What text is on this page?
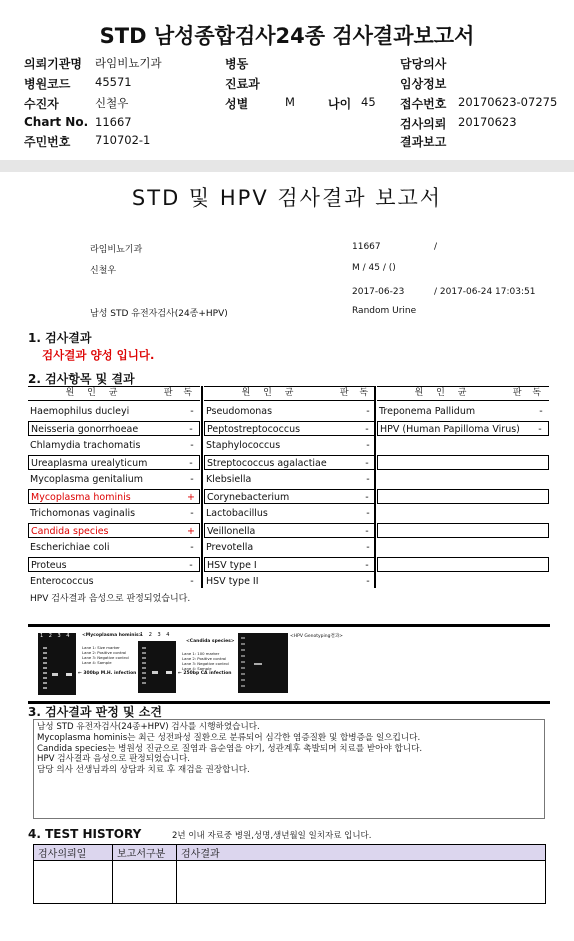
STD 남성종합검사24종 검사결과보고서
의뢰기관명 라임비뇨기과
병원코드 45571
수진자	신철우
Chart No. 11667
주민번호 710702-1
병동
진료과
성별	M	나이 45
담당의사
임상정보
접수번호 20170623-07275
검사의뢰 20170623
결과보고
STD 및 HPV 검사결과 보고서
라임비뇨기과	11667	/
신철우	M / 45 / ()
2017-06-23	/ 2017-06-24 17:03:51
남성 STD 유전자검사(24종+HPV)	Random Urine
1. 검사결과
검사결과 양성 입니다.
2. 검사항목 및 결과
원 인 균	판 독
Haemophilus ducleyi	-
Neisseria gonorrhoeae	-
Chlamydia trachomatis	-
Ureaplasma urealyticum	-
Mycoplasma genitalium	-
Mycoplasma hominis	+
Trichomonas vaginalis	-
Candida species	+
Escherichiae coli	-
Proteus	-
Enterococcus	-
원 인 균	판 독
Pseudomonas	-
Peptostreptococcus	-
Staphylococcus	-
Streptococcus agalactiae	-
Klebsiella	-
Corynebacterium	-
Lactobacillus	-
Veillonella	-
Prevotella	-
HSV type I	-
HSV type II	-
원 인 균	판 독
Treponema Pallidum	-
HPV (Human Papilloma Virus)	-
HPV 검사결과 음성으로 판정되었습니다.
1 2 3 4 <Mycoplasma hominis>
Lane 1: Size marker
Lane 2: Positive control
Lane 3: Negative control
Lane 4: Sample
← 300bp M.H. infection
1 2 3 4
<Candida species>
Lane 1: 100 marker
Lane 2: Positive control
Lane 3: Negative control
Lane 4: Sample
← 250bp CA infection
<HPV Genotyping결과>
3. 검사결과 판정 및 소견
남성 STD 유전자검사(24종+HPV) 검사를 시행하였습니다.
Mycoplasma hominis는 최근 성전파성 질환으로 분류되어 심각한 염증질환 및 합병증을 일으킵니다.
Candida species는 병원성 진균으로 질염과 음순염을 야기, 성관계후 촉발되며 치료를 받아야 합니다.
HPV 검사결과 음성으로 판정되었습니다.
담당 의사 선생님과의 상담과 치료 후 재검을 권장합니다.
4. TEST HISTORY	2년 이내 자료중 병원,성명,생년월일 일치자료 입니다.
검사의뢰일	보고서구분	검사결과
